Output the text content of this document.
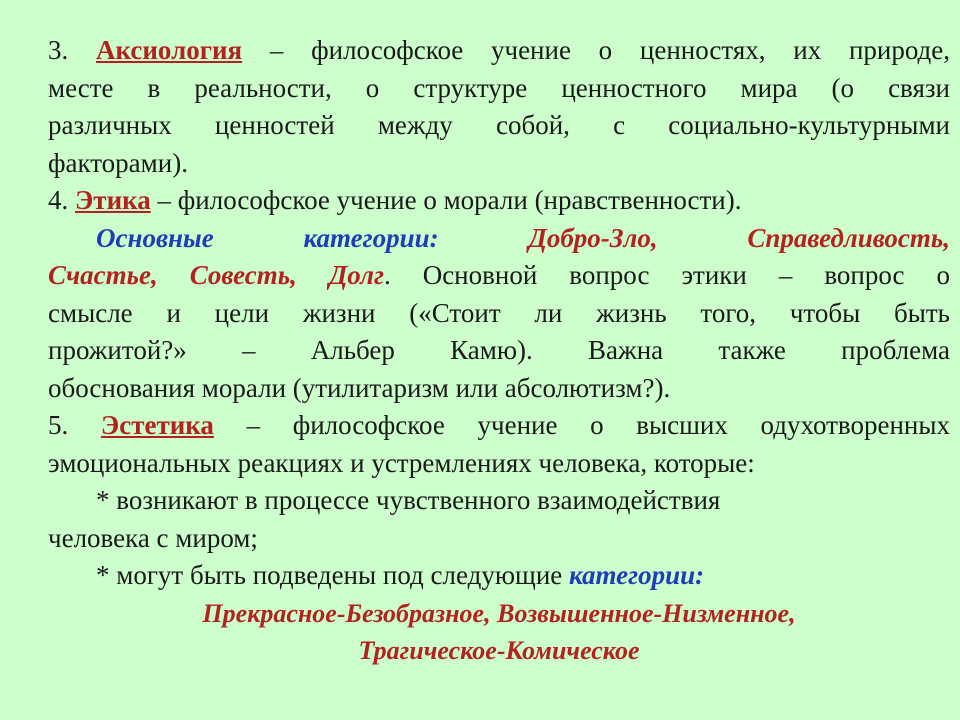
3. Аксиология – философское учение о ценностях, их природе,
месте в реальности, о структуре ценностного мира (о связи
различных ценностей между собой, с социально-культурными
факторами).
4. Этика – философское учение о морали (нравственности).
Основные категории:	Добро-Зло, Справедливость,
Счастье, Совесть, Долг. Основной вопрос этики – вопрос о
смысле и цели жизни («Стоит ли жизнь того, чтобы быть
прожитой?» – Альбер Камю). Важна также проблема
обоснования морали (утилитаризм или абсолютизм?).
5. Эстетика – философское учение о высших одухотворенных
эмоциональных реакциях и устремлениях человека, которые:
* возникают в процессе чувственного взаимодействия
человека с миром;
* могут быть подведены под следующие категории:
Прекрасное-Безобразное, Возвышенное-Низменное,
Трагическое-Комическое
